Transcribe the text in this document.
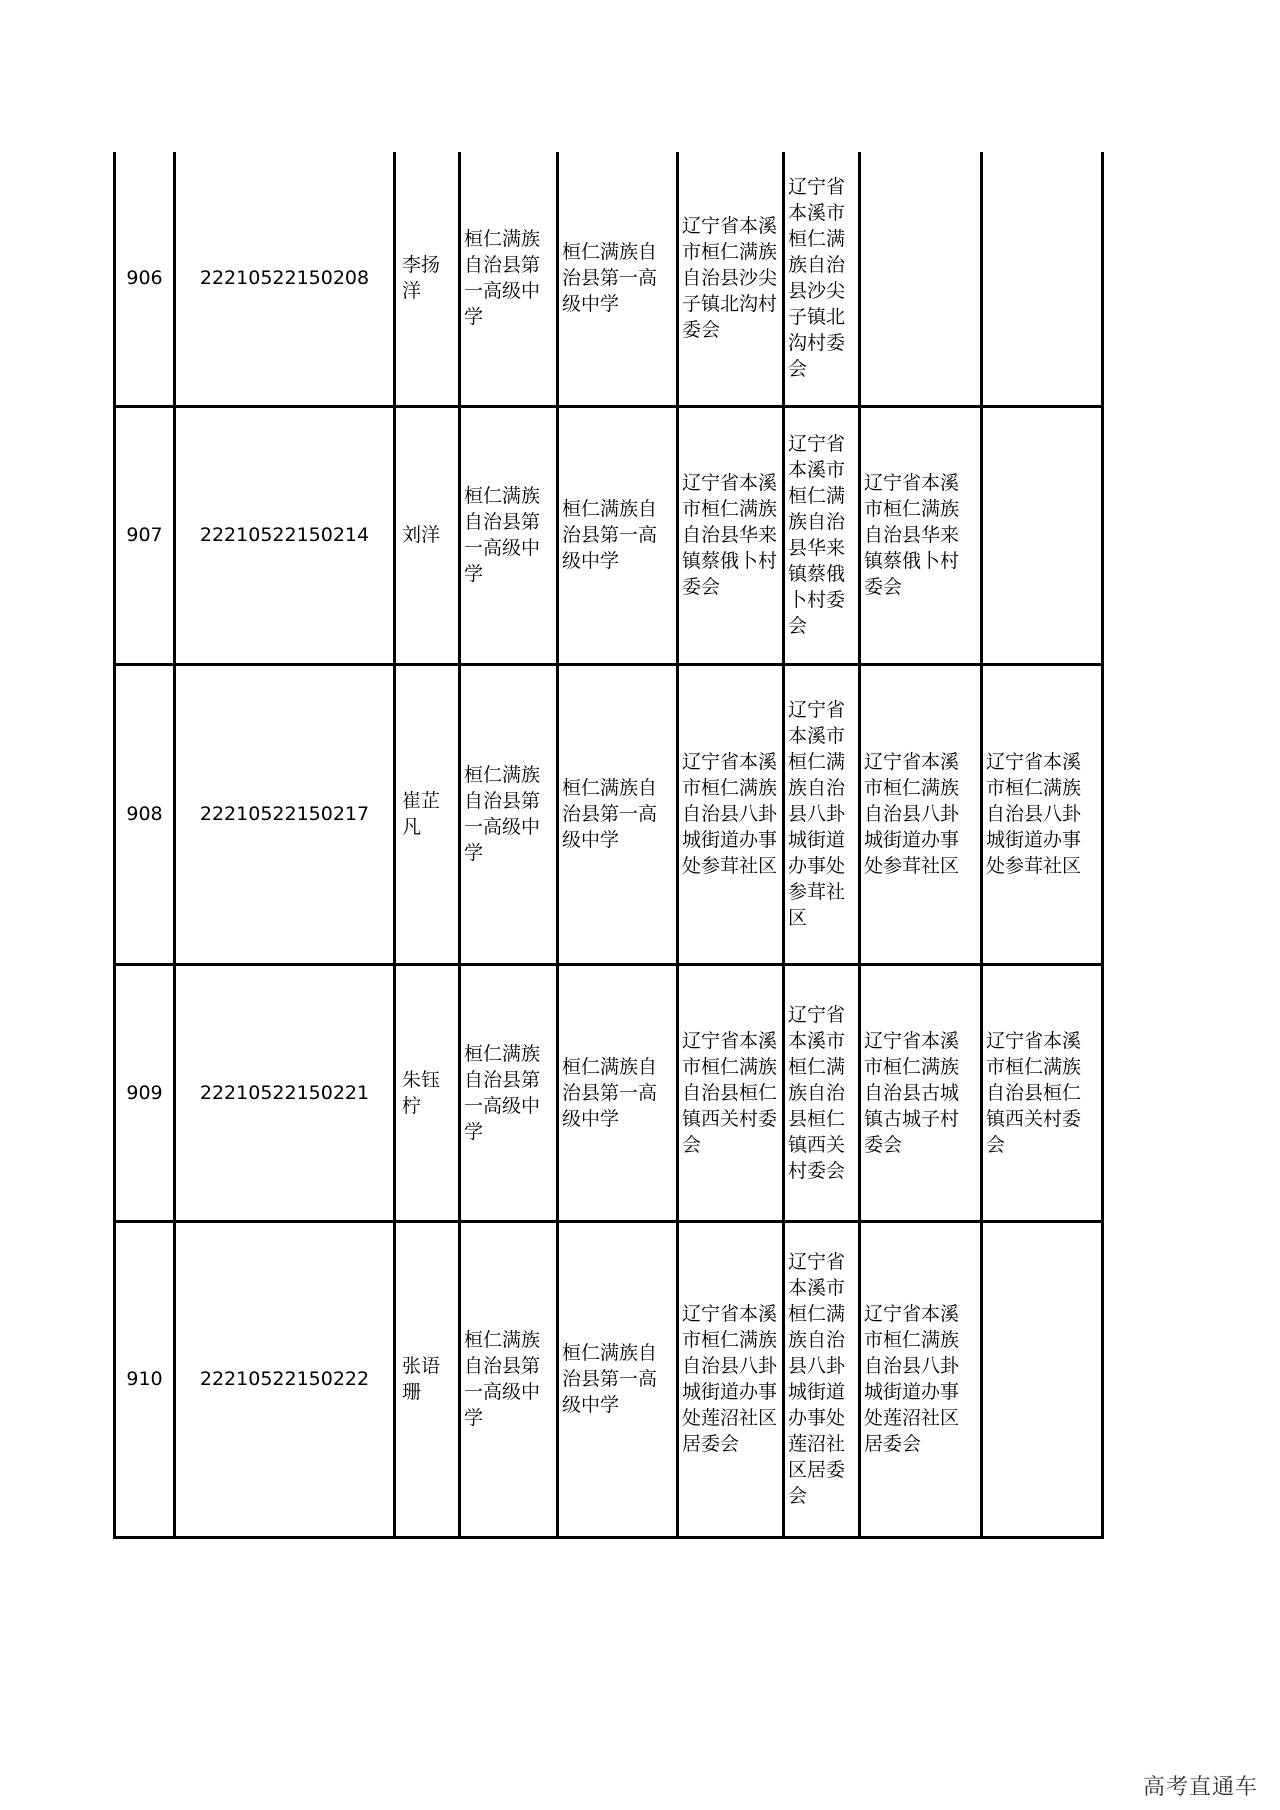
906	22210522150208	李扬洋	桓仁满族自治县第一高级中学	桓仁满族自治县第一高级中学	辽宁省本溪市桓仁满族自治县沙尖子镇北沟村委会	辽宁省本溪市桓仁满族自治县沙尖子镇北沟村委会		
907	22210522150214	刘洋	桓仁满族自治县第一高级中学	桓仁满族自治县第一高级中学	辽宁省本溪市桓仁满族自治县华来镇蔡俄卜村委会	辽宁省本溪市桓仁满族自治县华来镇蔡俄卜村委会	辽宁省本溪市桓仁满族自治县华来镇蔡俄卜村委会	
908	22210522150217	崔芷凡	桓仁满族自治县第一高级中学	桓仁满族自治县第一高级中学	辽宁省本溪市桓仁满族自治县八卦城街道办事处参茸社区	辽宁省本溪市桓仁满族自治县八卦城街道办事处参茸社区	辽宁省本溪市桓仁满族自治县八卦城街道办事处参茸社区	辽宁省本溪市桓仁满族自治县八卦城街道办事处参茸社区
909	22210522150221	朱钰柠	桓仁满族自治县第一高级中学	桓仁满族自治县第一高级中学	辽宁省本溪市桓仁满族自治县桓仁镇西关村委会	辽宁省本溪市桓仁满族自治县桓仁镇西关村委会	辽宁省本溪市桓仁满族自治县古城镇古城子村委会	辽宁省本溪市桓仁满族自治县桓仁镇西关村委会
910	22210522150222	张语珊	桓仁满族自治县第一高级中学	桓仁满族自治县第一高级中学	辽宁省本溪市桓仁满族自治县八卦城街道办事处莲沼社区居委会	辽宁省本溪市桓仁满族自治县八卦城街道办事处莲沼社区居委会	辽宁省本溪市桓仁满族自治县八卦城街道办事处莲沼社区居委会	
高考直通车
